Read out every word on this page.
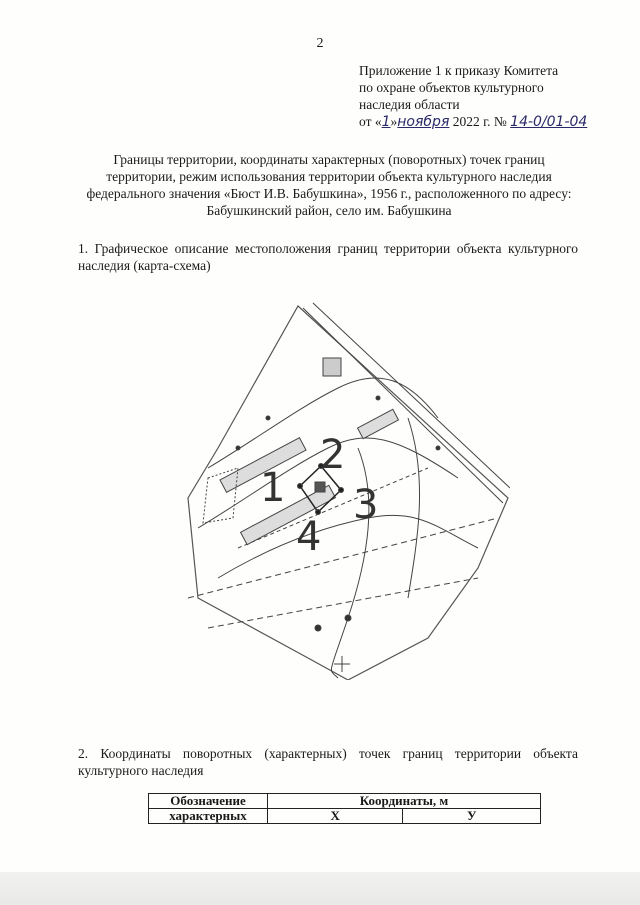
2
Приложение 1 к приказу Комитета
по охране объектов культурного
наследия области
от «1»ноября 2022 г. № 14-0/01-04
Границы территории, координаты характерных (поворотных) точек границ территории, режим использования территории объекта культурного наследия федерального значения «Бюст И.В. Бабушкина», 1956 г., расположенного по адресу: Бабушкинский район, село им. Бабушкина
1. Графическое описание местоположения границ территории объекта культурного наследия (карта-схема)
1
2
3
4
2. Координаты поворотных (характерных) точек границ территории объекта культурного наследия
Обозначение	Координаты, м	
характерных	X	У
